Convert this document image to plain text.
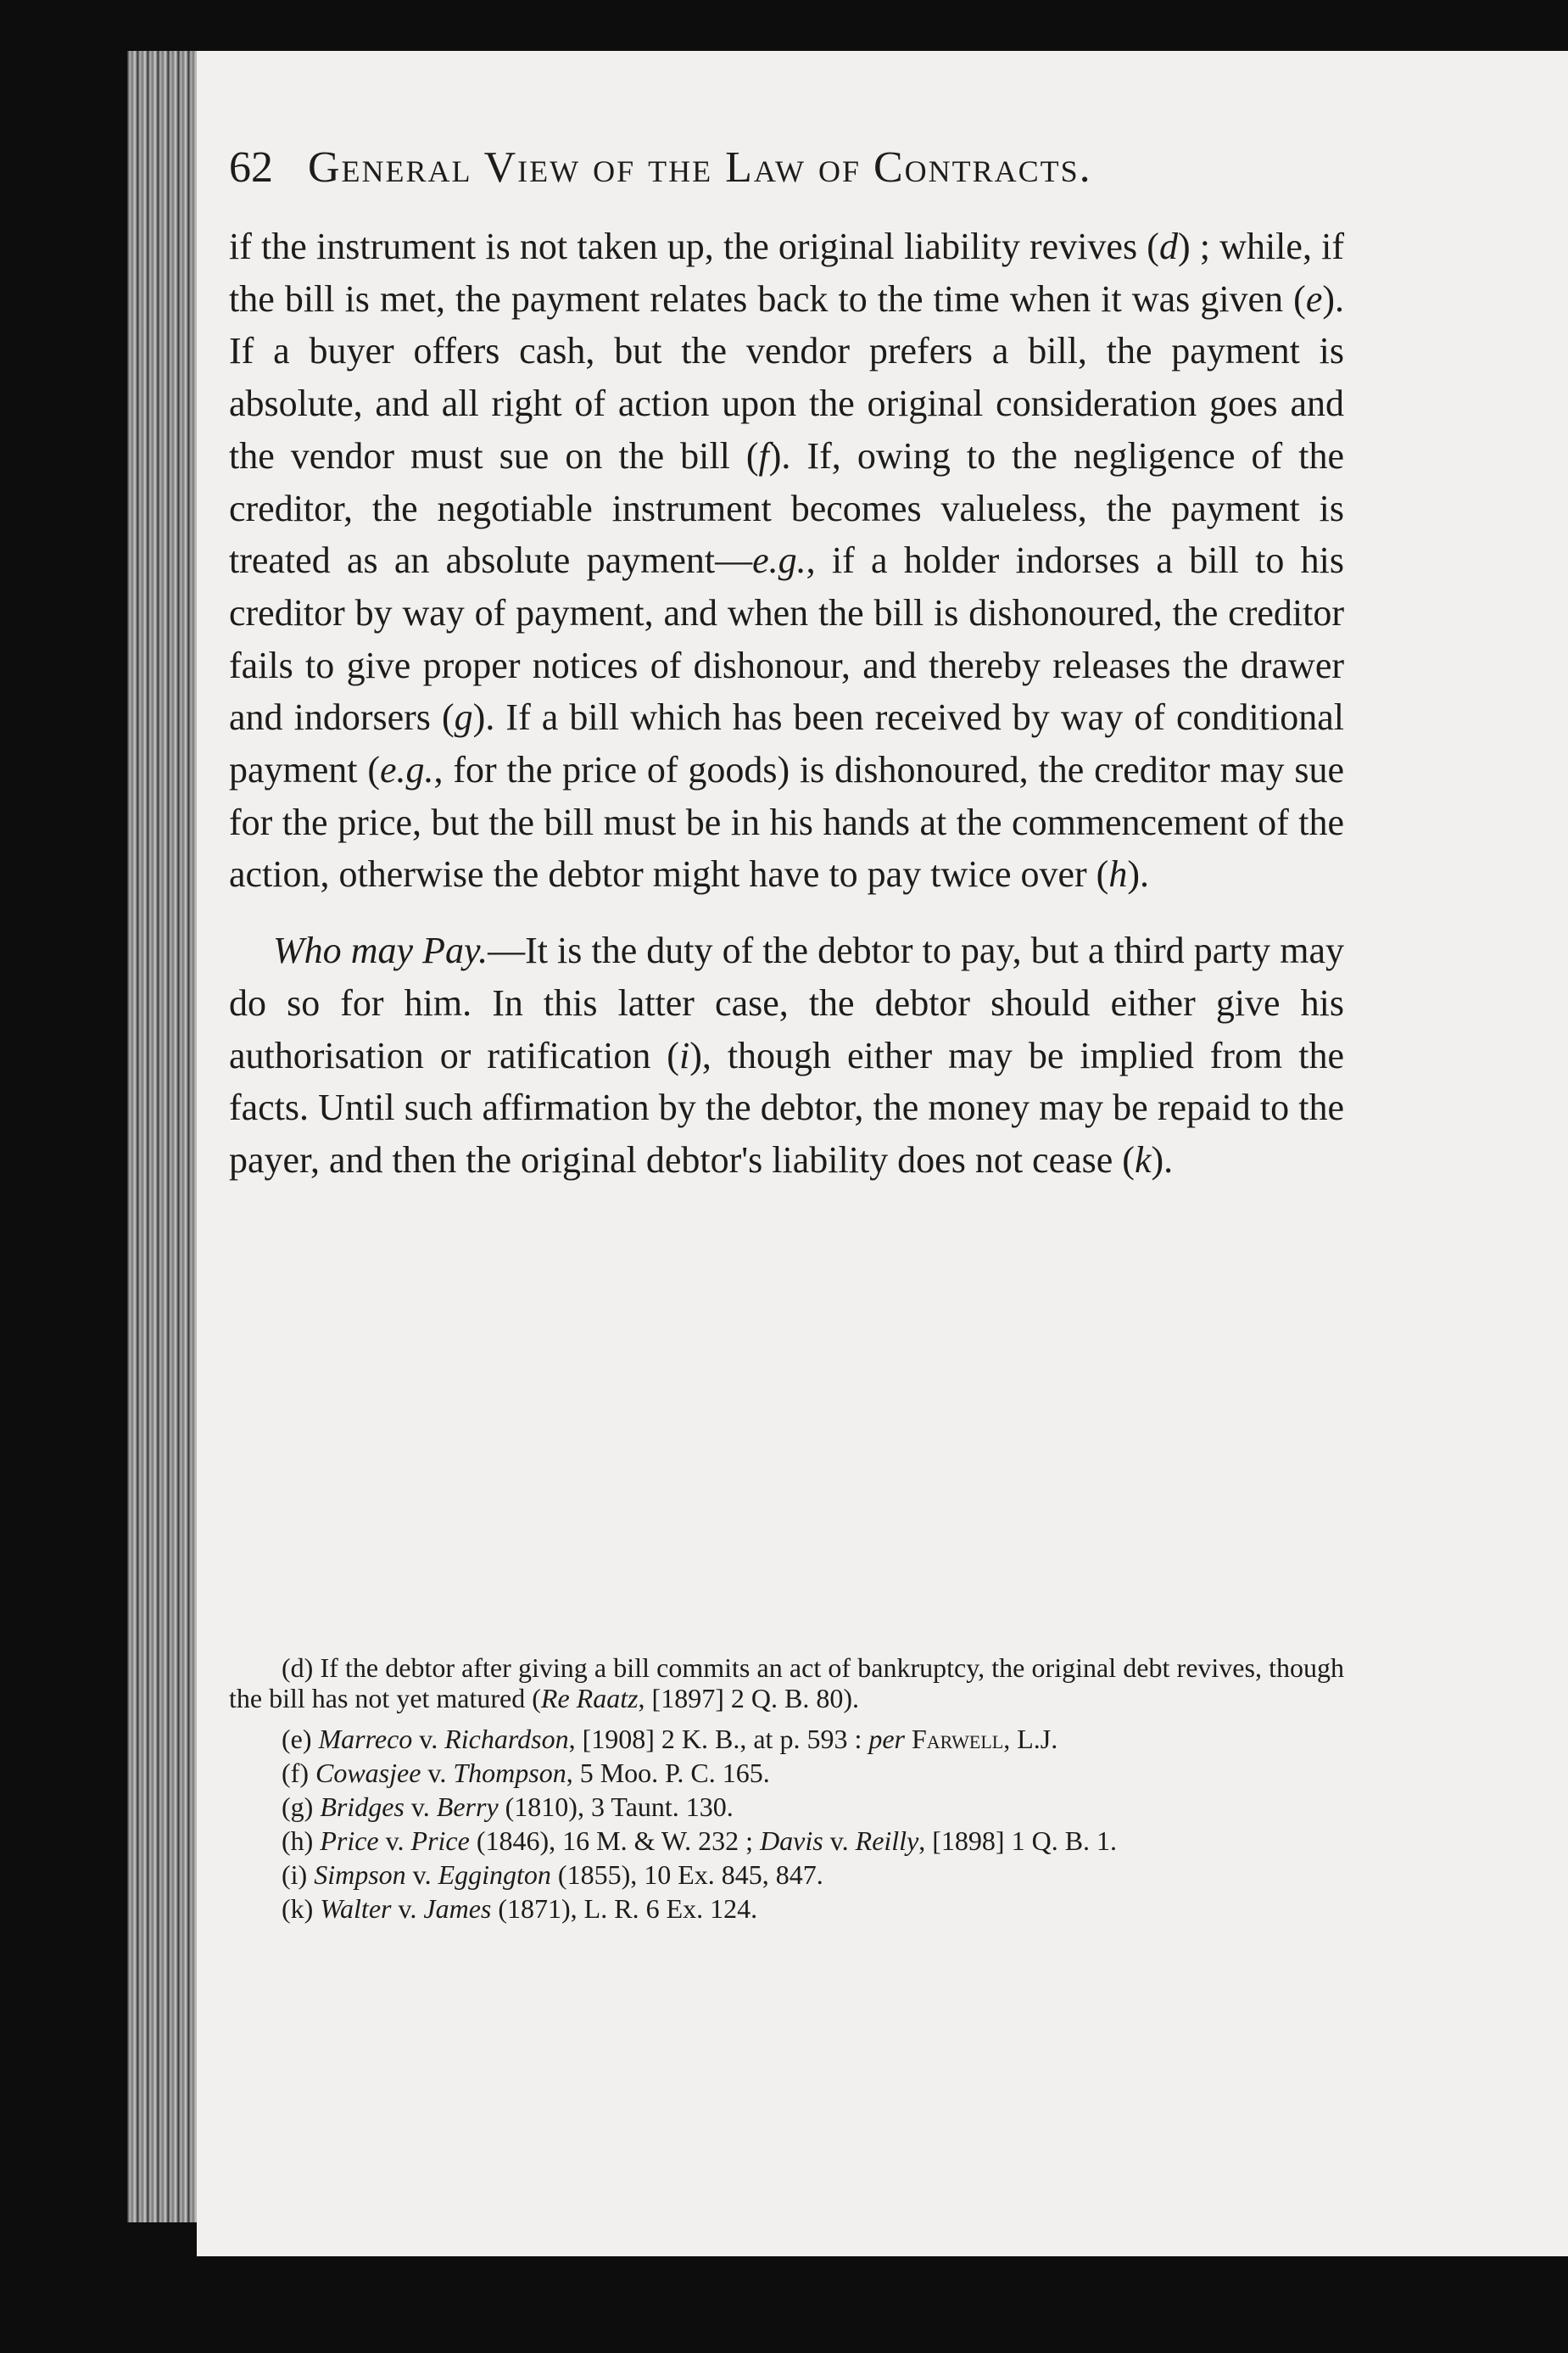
62 General View of the Law of Contracts.

if the instrument is not taken up, the original liability revives (d) ; while, if the bill is met, the payment relates back to the time when it was given (e). If a buyer offers cash, but the vendor prefers a bill, the payment is absolute, and all right of action upon the original consideration goes and the vendor must sue on the bill (f). If, owing to the negligence of the creditor, the negotiable instrument becomes valueless, the payment is treated as an absolute payment—e.g., if a holder indorses a bill to his creditor by way of payment, and when the bill is dishonoured, the creditor fails to give proper notices of dishonour, and thereby releases the drawer and indorsers (g). If a bill which has been received by way of conditional payment (e.g., for the price of goods) is dishonoured, the creditor may sue for the price, but the bill must be in his hands at the commencement of the action, otherwise the debtor might have to pay twice over (h).

Who may Pay.—It is the duty of the debtor to pay, but a third party may do so for him. In this latter case, the debtor should either give his authorisation or ratification (i), though either may be implied from the facts. Until such affirmation by the debtor, the money may be repaid to the payer, and then the original debtor's liability does not cease (k).

(d) If the debtor after giving a bill commits an act of bankruptcy, the original debt revives, though the bill has not yet matured (Re Raatz, [1897] 2 Q. B. 80).

(e) Marreco v. Richardson, [1908] 2 K. B., at p. 593 : per Farwell, L.J.

(f) Cowasjee v. Thompson, 5 Moo. P. C. 165.

(g) Bridges v. Berry (1810), 3 Taunt. 130.

(h) Price v. Price (1846), 16 M. & W. 232 ; Davis v. Reilly, [1898] 1 Q. B. 1.

(i) Simpson v. Eggington (1855), 10 Ex. 845, 847.

(k) Walter v. James (1871), L. R. 6 Ex. 124.
